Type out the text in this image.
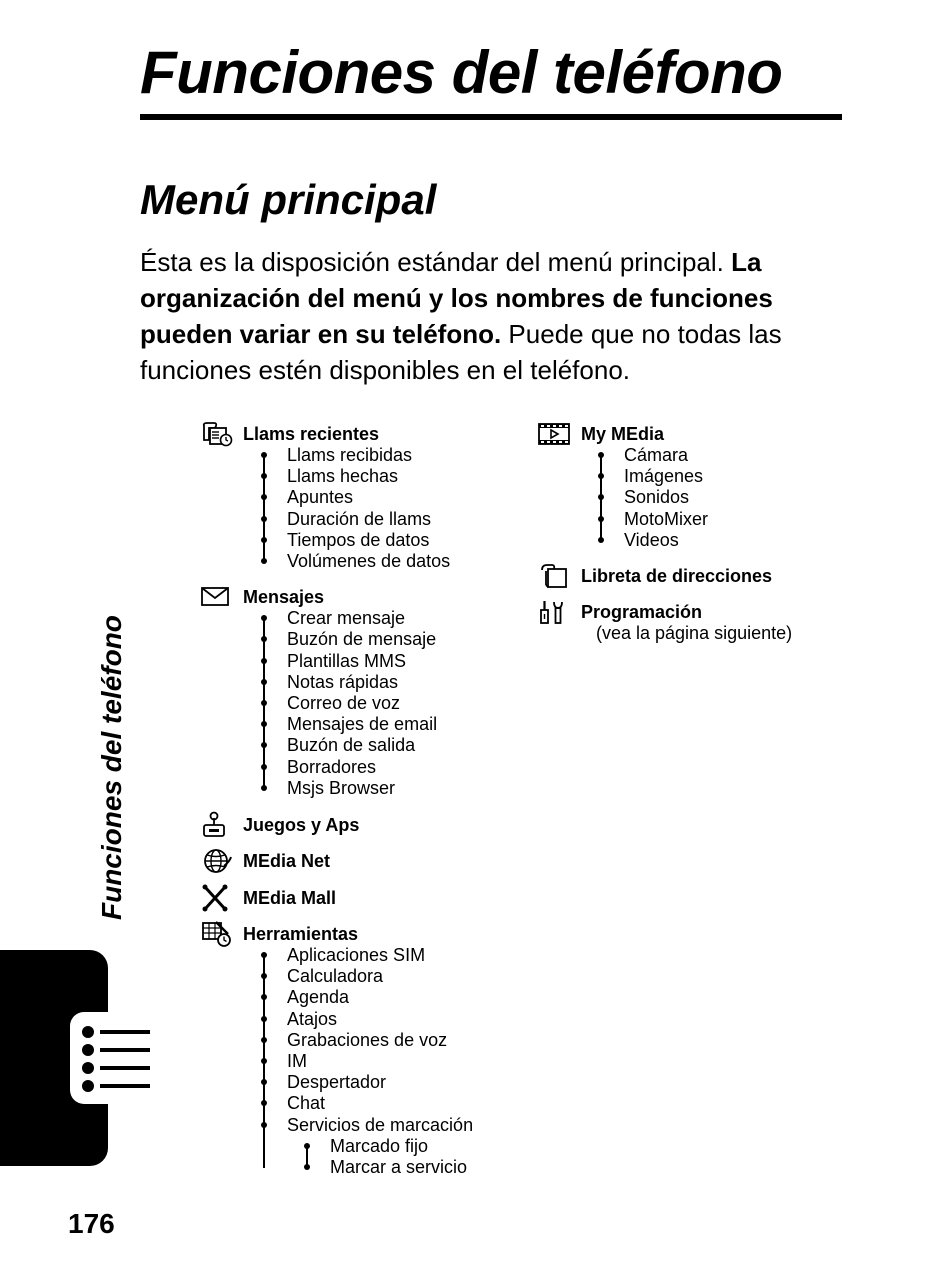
Funciones del teléfono
Menú principal

Ésta es la disposición estándar del menú principal. La organización del menú y los nombres de funciones pueden variar en su teléfono. Puede que no todas las funciones estén disponibles en el teléfono.

Llams recientes
Llams recibidas
Llams hechas
Apuntes
Duración de llams
Tiempos de datos
Volúmenes de datos
Mensajes
Crear mensaje
Buzón de mensaje
Plantillas MMS
Notas rápidas
Correo de voz
Mensajes de email
Buzón de salida
Borradores
Msjs Browser
Juegos y Aps
MEdia Net
MEdia Mall
Herramientas
Aplicaciones SIM
Calculadora
Agenda
Atajos
Grabaciones de voz
IM
Despertador
Chat
Servicios de marcación
Marcado fijo
Marcar a servicio
My MEdia
Cámara
Imágenes
Sonidos
MotoMixer
Videos
Libreta de direcciones
Programación
(vea la página siguiente)
Funciones del teléfono
176
